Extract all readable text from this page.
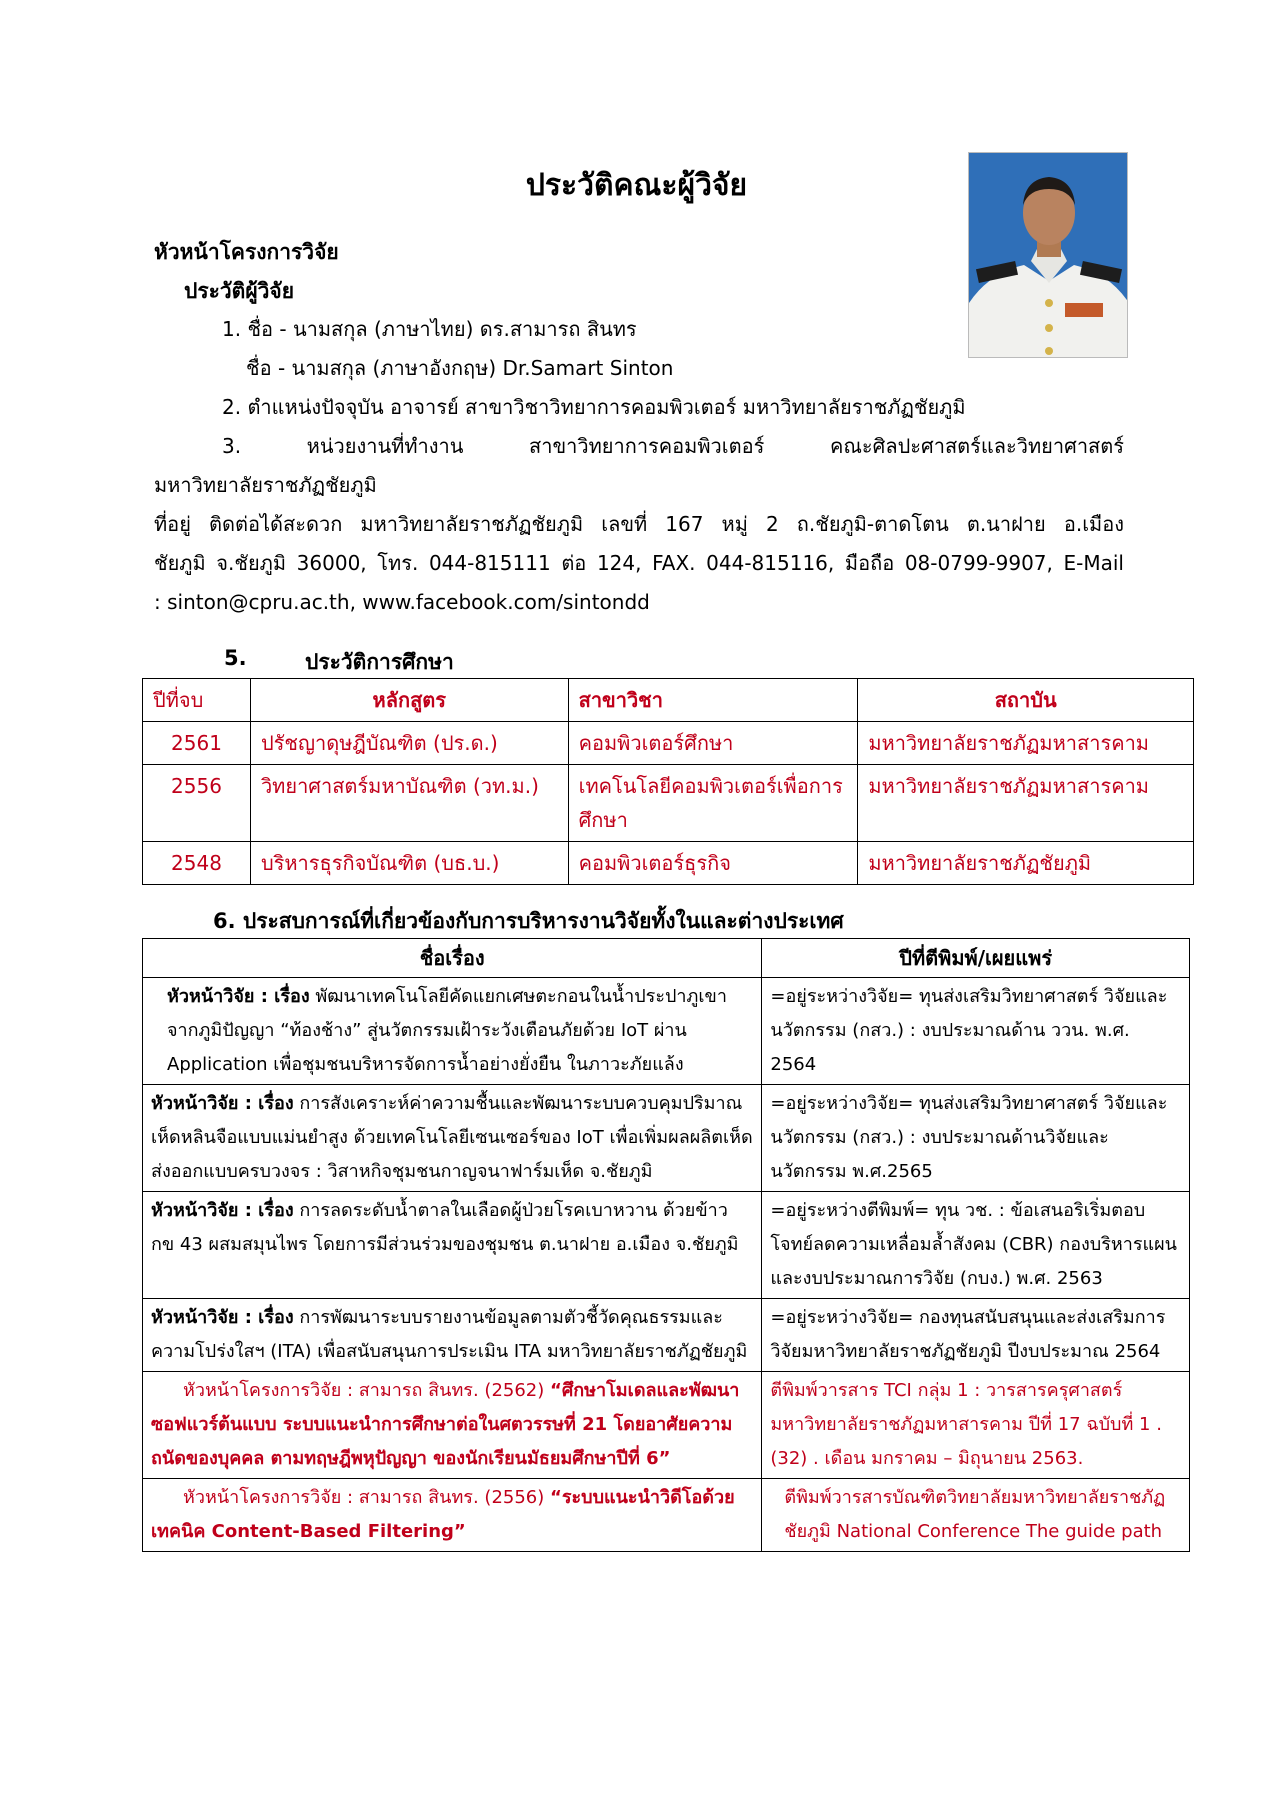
ประวัติคณะผู้วิจัย
หัวหน้าโครงการวิจัย
ประวัติผู้วิจัย
1. ชื่อ - นามสกุล (ภาษาไทย) ดร.สามารถ สินทร
ชื่อ - นามสกุล (ภาษาอังกฤษ) Dr.Samart Sinton
2. ตำแหน่งปัจจุบัน อาจารย์ สาขาวิชาวิทยาการคอมพิวเตอร์ มหาวิทยาลัยราชภัฏชัยภูมิ
3. หน่วยงานที่ทำงาน สาขาวิทยาการคอมพิวเตอร์ คณะศิลปะศาสตร์และวิทยาศาสตร์
มหาวิทยาลัยราชภัฏชัยภูมิ
ที่อยู่ ติดต่อได้สะดวก มหาวิทยาลัยราชภัฏชัยภูมิ เลขที่ 167 หมู่ 2 ถ.ชัยภูมิ-ตาดโตน ต.นาฝาย อ.เมือง
ชัยภูมิ จ.ชัยภูมิ 36000, โทร. 044-815111 ต่อ 124, FAX. 044-815116, มือถือ 08-0799-9907, E-Mail
: sinton@cpru.ac.th, www.facebook.com/sintondd
5.	ประวัติการศึกษา
ปีที่จบ	หลักสูตร	สาขาวิชา	สถาบัน
2561	ปรัชญาดุษฎีบัณฑิต (ปร.ด.)	คอมพิวเตอร์ศึกษา	มหาวิทยาลัยราชภัฏมหาสารคาม
2556	วิทยาศาสตร์มหาบัณฑิต (วท.ม.)	เทคโนโลยีคอมพิวเตอร์เพื่อการศึกษา	มหาวิทยาลัยราชภัฏมหาสารคาม
2548	บริหารธุรกิจบัณฑิต (บธ.บ.)	คอมพิวเตอร์ธุรกิจ	มหาวิทยาลัยราชภัฏชัยภูมิ
6. ประสบการณ์ที่เกี่ยวข้องกับการบริหารงานวิจัยทั้งในและต่างประเทศ
ชื่อเรื่อง	ปีที่ตีพิมพ์/เผยแพร่
หัวหน้าวิจัย : เรื่อง พัฒนาเทคโนโลยีคัดแยกเศษตะกอนในน้ำประปาภูเขาจากภูมิปัญญา “ท้องช้าง” สู่นวัตกรรมเฝ้าระวังเตือนภัยด้วย IoT ผ่าน Application เพื่อชุมชนบริหารจัดการน้ำอย่างยั่งยืน ในภาวะภัยแล้ง	=อยู่ระหว่างวิจัย= ทุนส่งเสริมวิทยาศาสตร์ วิจัยและนวัตกรรม (กสว.) : งบประมาณด้าน ววน. พ.ศ. 2564
หัวหน้าวิจัย : เรื่อง การสังเคราะห์ค่าความชื้นและพัฒนาระบบควบคุมปริมาณเห็ดหลินจือแบบแม่นยำสูง ด้วยเทคโนโลยีเซนเซอร์ของ IoT เพื่อเพิ่มผลผลิตเห็ดส่งออกแบบครบวงจร : วิสาหกิจชุมชนกาญจนาฟาร์มเห็ด จ.ชัยภูมิ	=อยู่ระหว่างวิจัย= ทุนส่งเสริมวิทยาศาสตร์ วิจัยและนวัตกรรม (กสว.) : งบประมาณด้านวิจัยและนวัตกรรม พ.ศ.2565
หัวหน้าวิจัย : เรื่อง การลดระดับน้ำตาลในเลือดผู้ป่วยโรคเบาหวาน ด้วยข้าว กข 43 ผสมสมุนไพร โดยการมีส่วนร่วมของชุมชน ต.นาฝาย อ.เมือง จ.ชัยภูมิ	=อยู่ระหว่างตีพิมพ์= ทุน วช. : ข้อเสนอริเริ่มตอบโจทย์ลดความเหลื่อมล้ำสังคม (CBR) กองบริหารแผนและงบประมาณการวิจัย (กบง.) พ.ศ. 2563
หัวหน้าวิจัย : เรื่อง การพัฒนาระบบรายงานข้อมูลตามตัวชี้วัดคุณธรรมและความโปร่งใสฯ (ITA) เพื่อสนับสนุนการประเมิน ITA มหาวิทยาลัยราชภัฏชัยภูมิ	=อยู่ระหว่างวิจัย= กองทุนสนับสนุนและส่งเสริมการวิจัยมหาวิทยาลัยราชภัฏชัยภูมิ ปีงบประมาณ 2564
หัวหน้าโครงการวิจัย : สามารถ สินทร. (2562) “ศึกษาโมเดลและพัฒนาซอฟแวร์ต้นแบบ ระบบแนะนำการศึกษาต่อในศตวรรษที่ 21 โดยอาศัยความถนัดของบุคคล ตามทฤษฎีพหุปัญญา ของนักเรียนมัธยมศึกษาปีที่ 6”	ตีพิมพ์วารสาร TCI กลุ่ม 1 : วารสารครุศาสตร์ มหาวิทยาลัยราชภัฏมหาสารคาม ปีที่ 17 ฉบับที่ 1 .(32) . เดือน มกราคม – มิถุนายน 2563.
หัวหน้าโครงการวิจัย : สามารถ สินทร. (2556) “ระบบแนะนำวิดีโอด้วยเทคนิค Content-Based Filtering”	ตีพิมพ์วารสารบัณฑิตวิทยาลัยมหาวิทยาลัยราชภัฏชัยภูมิ National Conference The guide path
